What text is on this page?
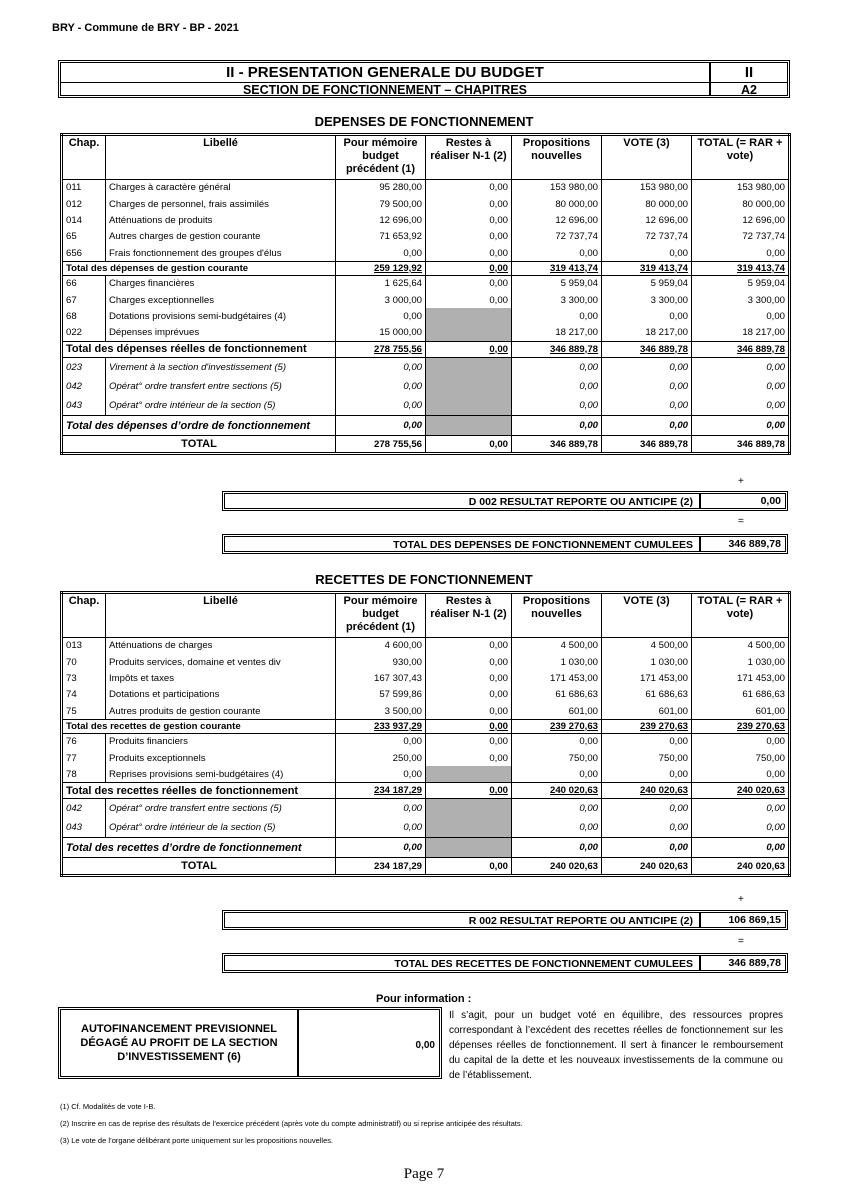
BRY - Commune de BRY - BP - 2021
II - PRESENTATION GENERALE DU BUDGET
SECTION DE FONCTIONNEMENT – CHAPITRES
II
A2
DEPENSES DE FONCTIONNEMENT
Chap.	Libellé	Pour mémoire budget précédent (1)	Restes à réaliser N-1 (2)	Propositions nouvelles	VOTE (3)	TOTAL (= RAR + vote)
011	Charges à caractère général	95 280,00	0,00	153 980,00	153 980,00	153 980,00
012	Charges de personnel, frais assimilés	79 500,00	0,00	80 000,00	80 000,00	80 000,00
014	Atténuations de produits	12 696,00	0,00	12 696,00	12 696,00	12 696,00
65	Autres charges de gestion courante	71 653,92	0,00	72 737,74	72 737,74	72 737,74
656	Frais fonctionnement des groupes d'élus	0,00	0,00	0,00	0,00	0,00
Total des dépenses de gestion courante		259 129,92	0,00	319 413,74	319 413,74	319 413,74
66	Charges financières	1 625,64	0,00	5 959,04	5 959,04	5 959,04
67	Charges exceptionnelles	3 000,00	0,00	3 300,00	3 300,00	3 300,00
68	Dotations provisions semi-budgétaires (4)	0,00		0,00	0,00	0,00
022	Dépenses imprévues	15 000,00		18 217,00	18 217,00	18 217,00
Total des dépenses réelles de fonctionnement		278 755,56	0,00	346 889,78	346 889,78	346 889,78
023	Virement à la section d'investissement (5)	0,00		0,00	0,00	0,00
042	Opérat° ordre transfert entre sections (5)	0,00		0,00	0,00	0,00
043	Opérat° ordre intérieur de la section (5)	0,00		0,00	0,00	0,00
Total des dépenses d’ordre de fonctionnement		0,00		0,00	0,00	0,00
TOTAL		278 755,56	0,00	346 889,78	346 889,78	346 889,78
+
D 002 RESULTAT REPORTE OU ANTICIPE (2)	0,00
=
TOTAL DES DEPENSES DE FONCTIONNEMENT CUMULEES	346 889,78
RECETTES DE FONCTIONNEMENT
Chap.	Libellé	Pour mémoire budget précédent (1)	Restes à réaliser N-1 (2)	Propositions nouvelles	VOTE (3)	TOTAL (= RAR + vote)
013	Atténuations de charges	4 600,00	0,00	4 500,00	4 500,00	4 500,00
70	Produits services, domaine et ventes div	930,00	0,00	1 030,00	1 030,00	1 030,00
73	Impôts et taxes	167 307,43	0,00	171 453,00	171 453,00	171 453,00
74	Dotations et participations	57 599,86	0,00	61 686,63	61 686,63	61 686,63
75	Autres produits de gestion courante	3 500,00	0,00	601,00	601,00	601,00
Total des recettes de gestion courante		233 937,29	0,00	239 270,63	239 270,63	239 270,63
76	Produits financiers	0,00	0,00	0,00	0,00	0,00
77	Produits exceptionnels	250,00	0,00	750,00	750,00	750,00
78	Reprises provisions semi-budgétaires (4)	0,00		0,00	0,00	0,00
Total des recettes réelles de fonctionnement		234 187,29	0,00	240 020,63	240 020,63	240 020,63
042	Opérat° ordre transfert entre sections (5)	0,00		0,00	0,00	0,00
043	Opérat° ordre intérieur de la section (5)	0,00		0,00	0,00	0,00
Total des recettes d’ordre de fonctionnement		0,00		0,00	0,00	0,00
TOTAL		234 187,29	0,00	240 020,63	240 020,63	240 020,63
+
R 002 RESULTAT REPORTE OU ANTICIPE (2)	106 869,15
=
TOTAL DES RECETTES DE FONCTIONNEMENT CUMULEES	346 889,78
Pour information :
AUTOFINANCEMENT PREVISIONNEL DÉGAGÉ AU PROFIT DE LA SECTION D’INVESTISSEMENT (6)
0,00
Il s’agit, pour un budget voté en équilibre, des ressources propres correspondant à l’excédent des recettes réelles de fonctionnement sur les dépenses réelles de fonctionnement. Il sert à financer le remboursement du capital de la dette et les nouveaux investissements de la commune ou de l’établissement.
(1) Cf. Modalités de vote I-B.
(2) Inscrire en cas de reprise des résultats de l’exercice précédent (après vote du compte administratif) ou si reprise anticipée des résultats.
(3) Le vote de l’organe délibérant porte uniquement sur les propositions nouvelles.
Page 7
